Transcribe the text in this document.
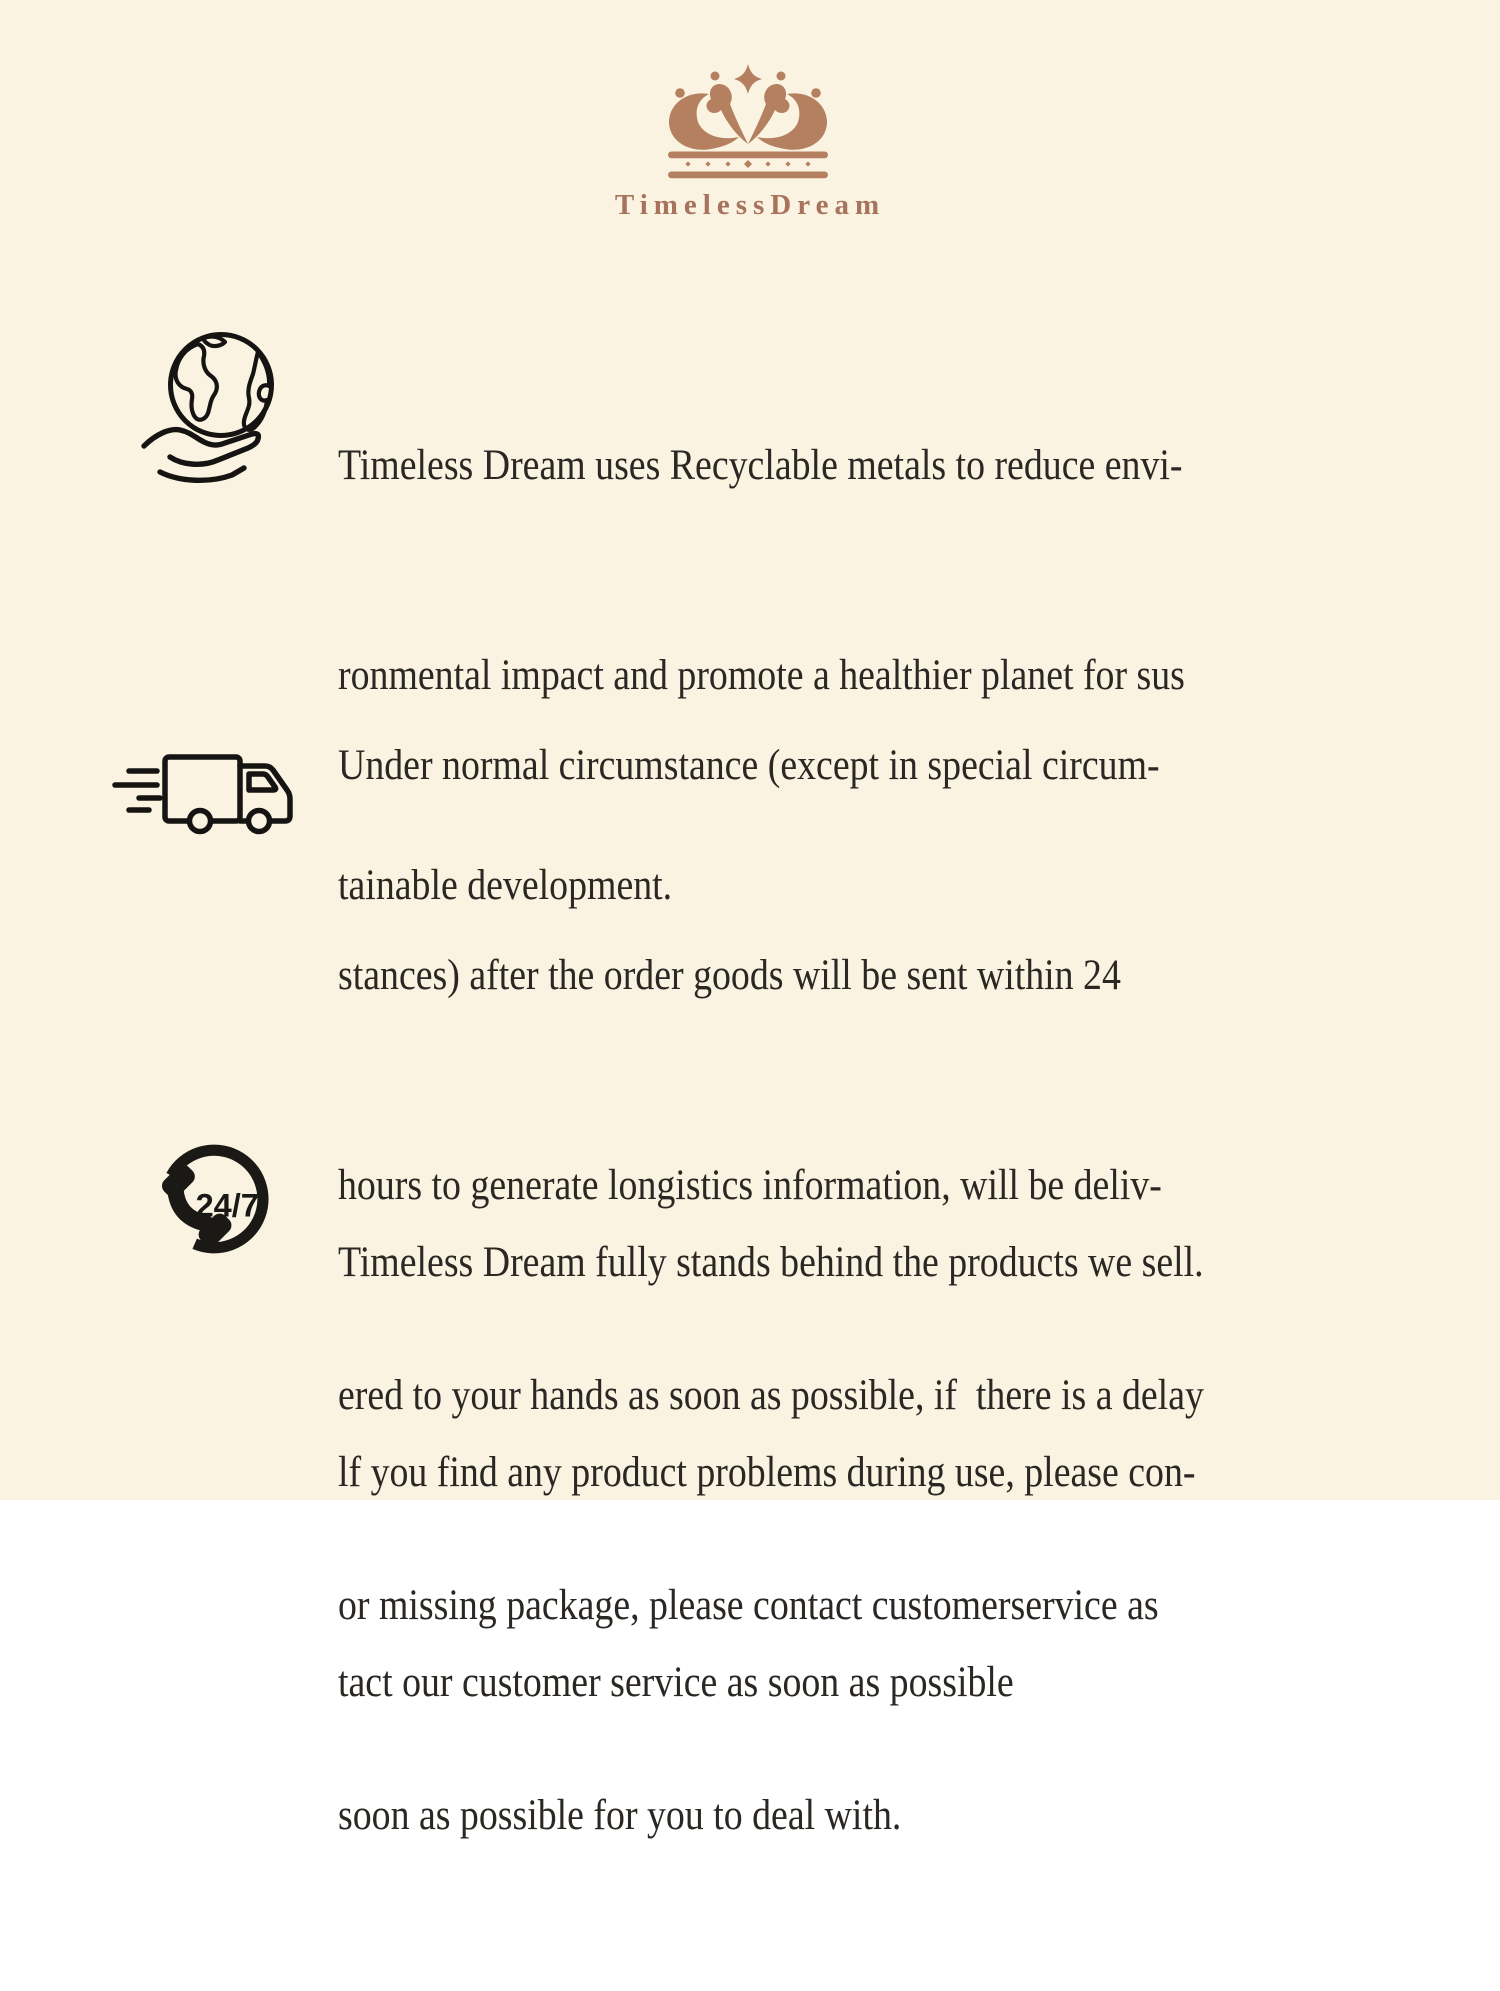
TimelessDream

Timeless Dream uses Recyclable metals to reduce envi-

ronmental impact and promote a healthier planet for sus

tainable development.

Under normal circumstance (except in special circum-

stances) after the order goods will be sent within 24

hours to generate longistics information, will be deliv-

ered to your hands as soon as possible, if  there is a delay

or missing package, please contact customerservice as

soon as possible for you to deal with.

24/7

Timeless Dream fully stands behind the products we sell.

lf you find any product problems during use, please con-

tact our customer service as soon as possible
